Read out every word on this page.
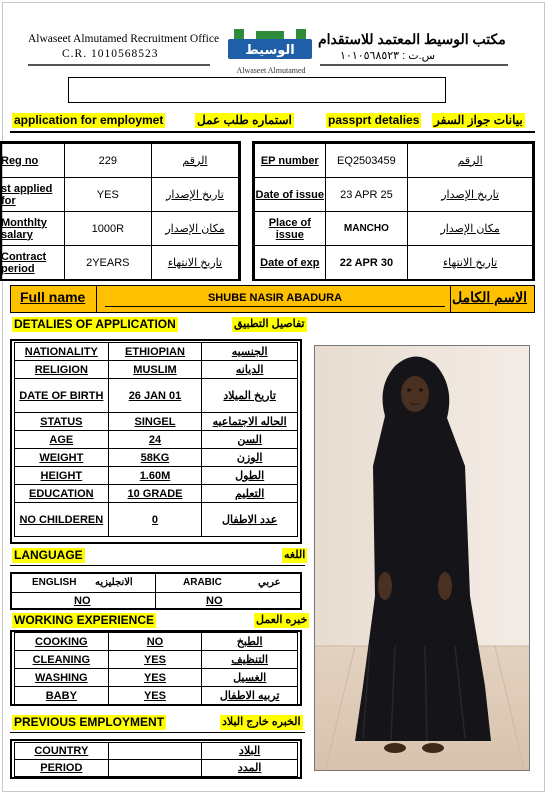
Alwaseet Almutamed Recruitment Office
C.R. 1010568523
مكتب الوسيط المعتمد للاستقدام
س.ت : ١٠١٠٥٦٨٥٢٣
الوسيط
Alwaseet Almutamed
application for employmet	استماره طلب عمل	passprt detalies بيانات جواز السفر
Reg no	229	الرقم
st applied for	YES	تاريخ الإصدار
Monthlty salary	1000R	مكان الإصدار
Contract period	2YEARS	تاريخ الانتهاء
EP number	EQ2503459	الرقم
Date of issue	23 APR 25	تاريخ الإصدار
Place of issue	MANCHO	مكان الإصدار
Date of exp	22 APR 30	تاريخ الانتهاء
Full name	SHUBE NASIR ABADURA	الاسم الكامل
DETALIES OF APPLICATION	تفاصيل التطبيق
NATIONALITY	ETHIOPIAN	الجنسيه
RELIGION	MUSLIM	الديانه
DATE OF BIRTH	26 JAN 01	تاريخ الميلاد
STATUS	SINGEL	الحاله الاجتماعيه
AGE	24	السن
WEIGHT	58KG	الوزن
HEIGHT	1.60M	الطول
EDUCATION	10 GRADE	التعليم
NO CHILDEREN	0	عدد الاطفال
LANGUAGE	اللغه
ENGLISH الانجليزيه	ARABIC	عربي
NO	NO
WORKING EXPERIENCE	خبره العمل
COOKING	NO	الطبخ
CLEANING	YES	التنظيف
WASHING	YES	الغسيل
BABY	YES	تربيه الاطفال
PREVIOUS EMPLOYMENT	الخبره خارج البلاد
COUNTRY		البلاد
PERIOD		المدد
